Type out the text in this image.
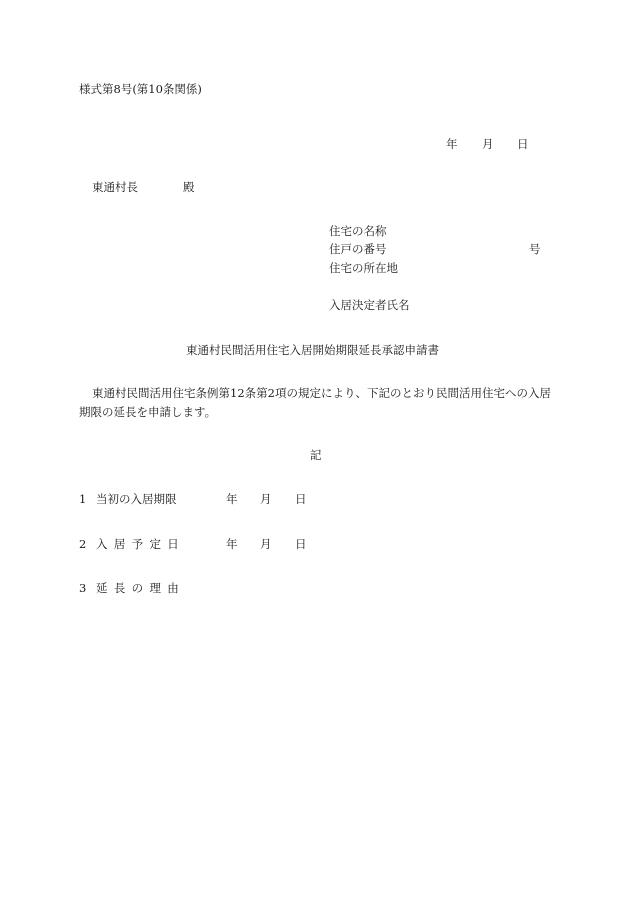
様式第8号(第10条関係)
年 月 日
東通村長	殿
住宅の名称
住戸の番号	号
住宅の所在地
入居決定者氏名
東通村民間活用住宅入居開始期限延長承認申請書
東通村民間活用住宅条例第12条第2項の規定により、下記のとおり民間活用住宅への入居
期限の延長を申請します。
記
1 当初の入居期限	年 月 日
2 入居予定日	年 月 日
3 延長の理由
